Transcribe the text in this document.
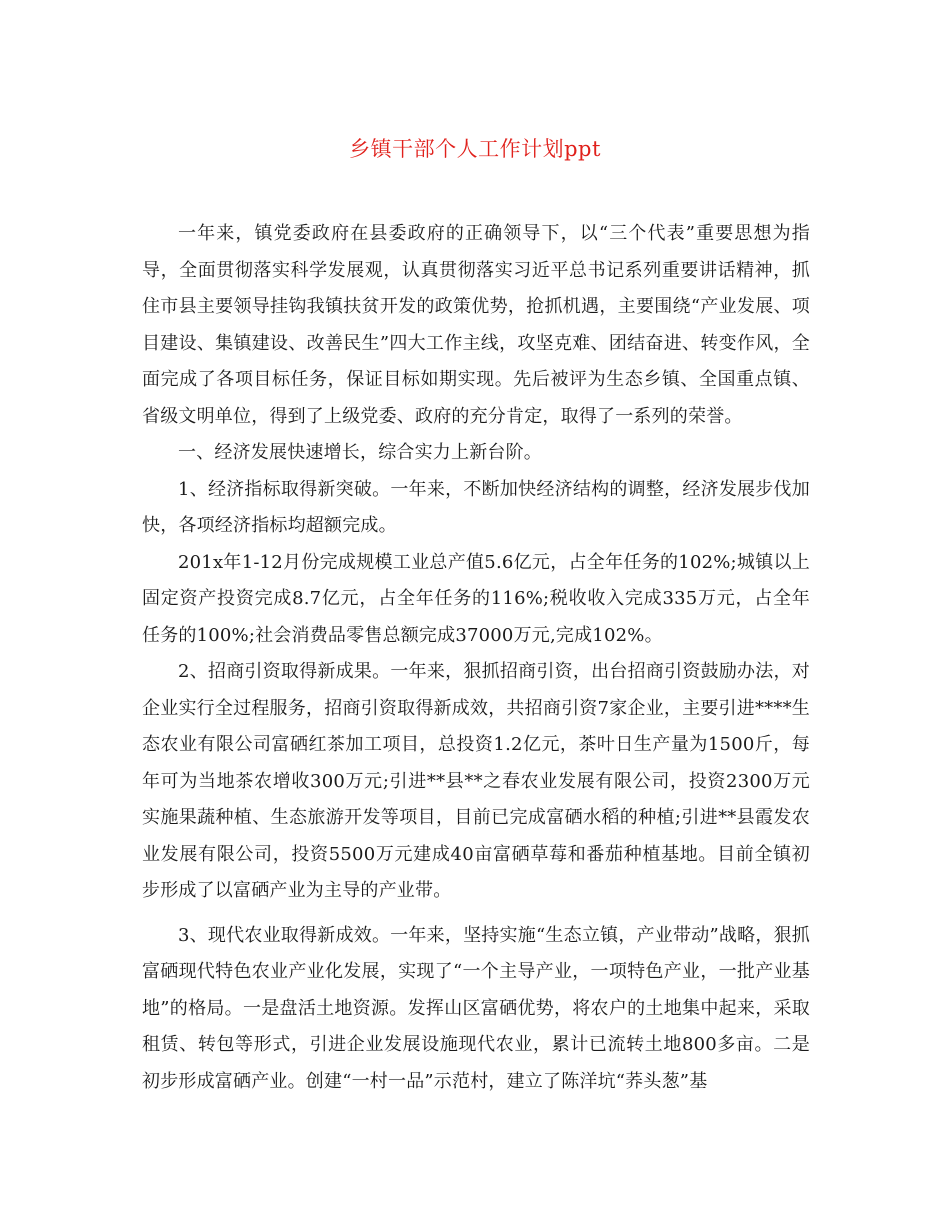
乡镇干部个人工作计划ppt

一年来，镇党委政府在县委政府的正确领导下，以“三个代表”重要思想为指导，全面贯彻落实科学发展观，认真贯彻落实习近平总书记系列重要讲话精神，抓住市县主要领导挂钩我镇扶贫开发的政策优势，抢抓机遇，主要围绕“产业发展、项目建设、集镇建设、改善民生”四大工作主线，攻坚克难、团结奋进、转变作风，全面完成了各项目标任务，保证目标如期实现。先后被评为生态乡镇、全国重点镇、省级文明单位，得到了上级党委、政府的充分肯定，取得了一系列的荣誉。

一、经济发展快速增长，综合实力上新台阶。

1、经济指标取得新突破。一年来，不断加快经济结构的调整，经济发展步伐加快，各项经济指标均超额完成。

201x年1-12月份完成规模工业总产值5.6亿元，占全年任务的102%;城镇以上固定资产投资完成8.7亿元，占全年任务的116%;税收收入完成335万元，占全年任务的100%;社会消费品零售总额完成37000万元,完成102%。

2、招商引资取得新成果。一年来，狠抓招商引资，出台招商引资鼓励办法，对企业实行全过程服务，招商引资取得新成效，共招商引资7家企业，主要引进****生态农业有限公司富硒红茶加工项目，总投资1.2亿元，茶叶日生产量为1500斤，每年可为当地茶农增收300万元;引进**县**之春农业发展有限公司，投资2300万元实施果蔬种植、生态旅游开发等项目，目前已完成富硒水稻的种植;引进**县霞发农业发展有限公司，投资5500万元建成40亩富硒草莓和番茄种植基地。目前全镇初步形成了以富硒产业为主导的产业带。

3、现代农业取得新成效。一年来，坚持实施“生态立镇，产业带动”战略，狠抓富硒现代特色农业产业化发展，实现了“一个主导产业，一项特色产业，一批产业基地”的格局。一是盘活土地资源。发挥山区富硒优势，将农户的土地集中起来，采取租赁、转包等形式，引进企业发展设施现代农业，累计已流转土地800多亩。二是初步形成富硒产业。创建“一村一品”示范村，建立了陈洋坑“荞头葱”基
